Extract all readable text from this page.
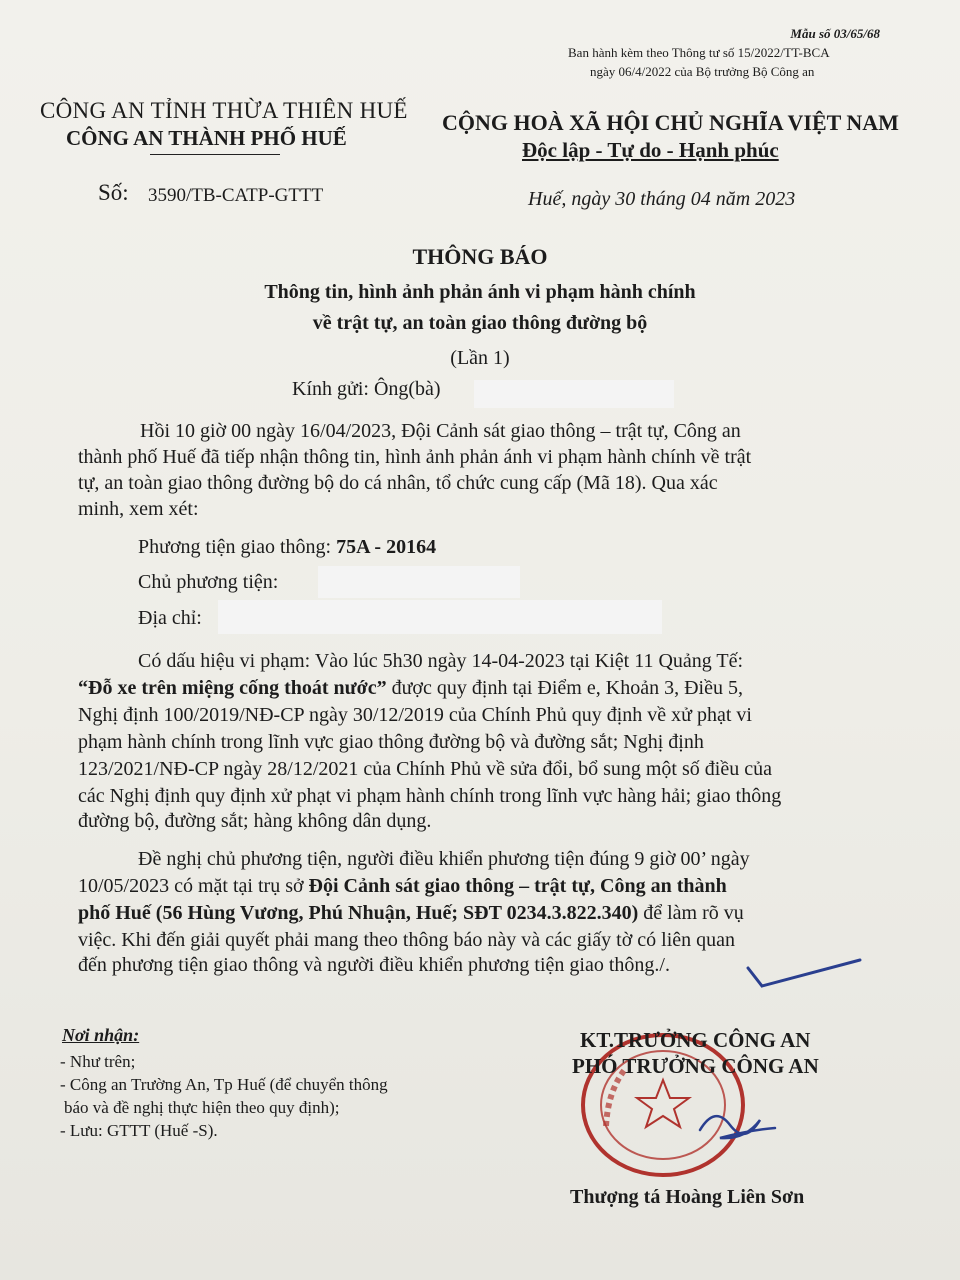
Mẫu số 03/65/68
Ban hành kèm theo Thông tư số 15/2022/TT-BCA
ngày 06/4/2022 của Bộ trưởng Bộ Công an
CÔNG AN TỈNH THỪA THIÊN HUẾ
CÔNG AN THÀNH PHỐ HUẾ
CỘNG HOÀ XÃ HỘI CHỦ NGHĨA VIỆT NAM
Độc lập - Tự do - Hạnh phúc
Số: 3590/TB-CATP-GTTT	Huế, ngày 30 tháng 04 năm 2023
THÔNG BÁO
Thông tin, hình ảnh phản ánh vi phạm hành chính
về trật tự, an toàn giao thông đường bộ
(Lần 1)
Kính gửi: Ông(bà)
Hồi 10 giờ 00 ngày 16/04/2023, Đội Cảnh sát giao thông – trật tự, Công an
thành phố Huế đã tiếp nhận thông tin, hình ảnh phản ánh vi phạm hành chính về trật
tự, an toàn giao thông đường bộ do cá nhân, tổ chức cung cấp (Mã 18). Qua xác
minh, xem xét:
Phương tiện giao thông: 75A - 20164
Chủ phương tiện:
Địa chỉ:
Có dấu hiệu vi phạm: Vào lúc 5h30 ngày 14-04-2023 tại Kiệt 11 Quảng Tế:
“Đỗ xe trên miệng cống thoát nước” được quy định tại Điểm e, Khoản 3, Điều 5,
Nghị định 100/2019/NĐ-CP ngày 30/12/2019 của Chính Phủ quy định về xử phạt vi
phạm hành chính trong lĩnh vực giao thông đường bộ và đường sắt; Nghị định
123/2021/NĐ-CP ngày 28/12/2021 của Chính Phủ về sửa đổi, bổ sung một số điều của
các Nghị định quy định xử phạt vi phạm hành chính trong lĩnh vực hàng hải; giao thông
đường bộ, đường sắt; hàng không dân dụng.
Đề nghị chủ phương tiện, người điều khiển phương tiện đúng 9 giờ 00’ ngày
10/05/2023 có mặt tại trụ sở Đội Cảnh sát giao thông – trật tự, Công an thành
phố Huế (56 Hùng Vương, Phú Nhuận, Huế; SĐT 0234.3.822.340) để làm rõ vụ
việc. Khi đến giải quyết phải mang theo thông báo này và các giấy tờ có liên quan
đến phương tiện giao thông và người điều khiển phương tiện giao thông./.
Nơi nhận:
- Như trên;
- Công an Trường An, Tp Huế (để chuyển thông
báo và đề nghị thực hiện theo quy định);
- Lưu: GTTT (Huế -S).
KT.TRƯỞNG CÔNG AN
PHÓ TRƯỞNG CÔNG AN
Thượng tá Hoàng Liên Sơn
